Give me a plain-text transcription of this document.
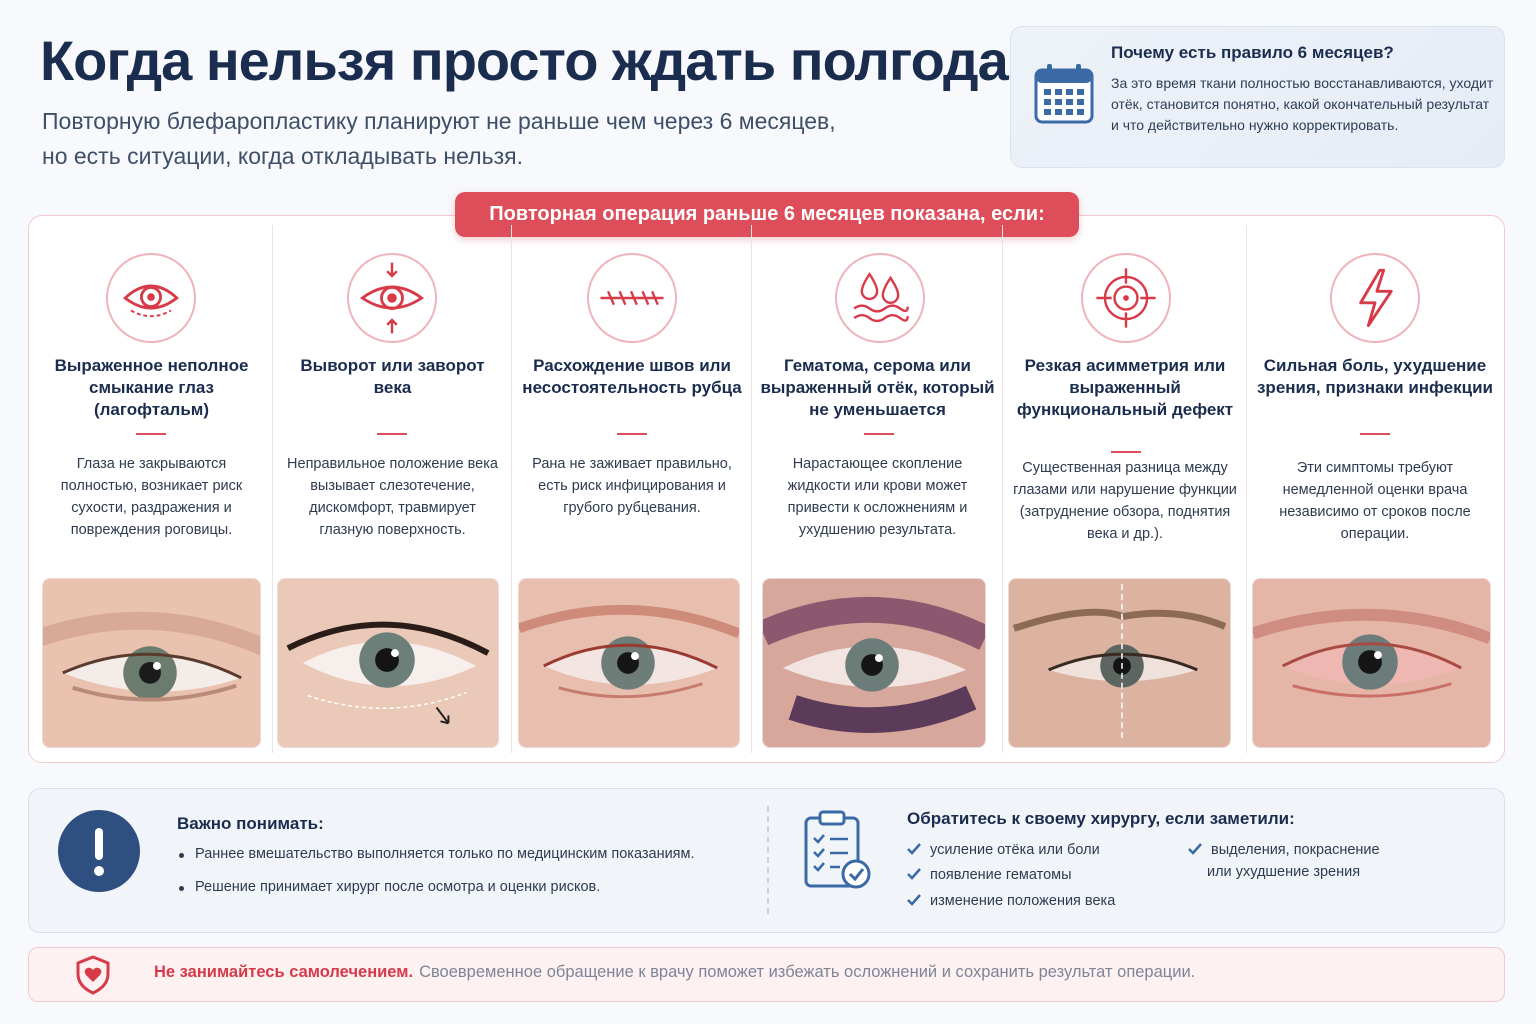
Когда нельзя просто ждать полгода
Повторную блефаропластику планируют не раньше чем через 6 месяцев,
но есть ситуации, когда откладывать нельзя.
Почему есть правило 6 месяцев?
За это время ткани полностью восстанавливаются, уходит отёк, становится понятно, какой окончательный результат и что действительно нужно корректировать.
Повторная операция раньше 6 месяцев показана, если:
Выраженное неполное смыкание глаз (лагофтальм)
Глаза не закрываются полностью, возникает риск сухости, раздражения и повреждения роговицы.
Выворот или заворот века
Неправильное положение века вызывает слезотечение, дискомфорт, травмирует глазную поверхность.
Расхождение швов или несостоятельность рубца
Рана не заживает правильно, есть риск инфицирования и грубого рубцевания.
Гематома, серома или выраженный отёк, который не уменьшается
Нарастающее скопление жидкости или крови может привести к осложнениям и ухудшению результата.
Резкая асимметрия или выраженный функциональный дефект
Существенная разница между глазами или нарушение функции (затруднение обзора, поднятия века и др.).
Сильная боль, ухудшение зрения, признаки инфекции
Эти симптомы требуют немедленной оценки врача независимо от сроков после операции.
Важно понимать:
Раннее вмешательство выполняется только по медицинским показаниям.
Решение принимает хирург после осмотра и оценки рисков.
Обратитесь к своему хирургу, если заметили:
усиление отёка или боли
появление гематомы
изменение положения века
выделения, покраснение
или ухудшение зрения
Не занимайтесь самолечением. Своевременное обращение к врачу поможет избежать осложнений и сохранить результат операции.
